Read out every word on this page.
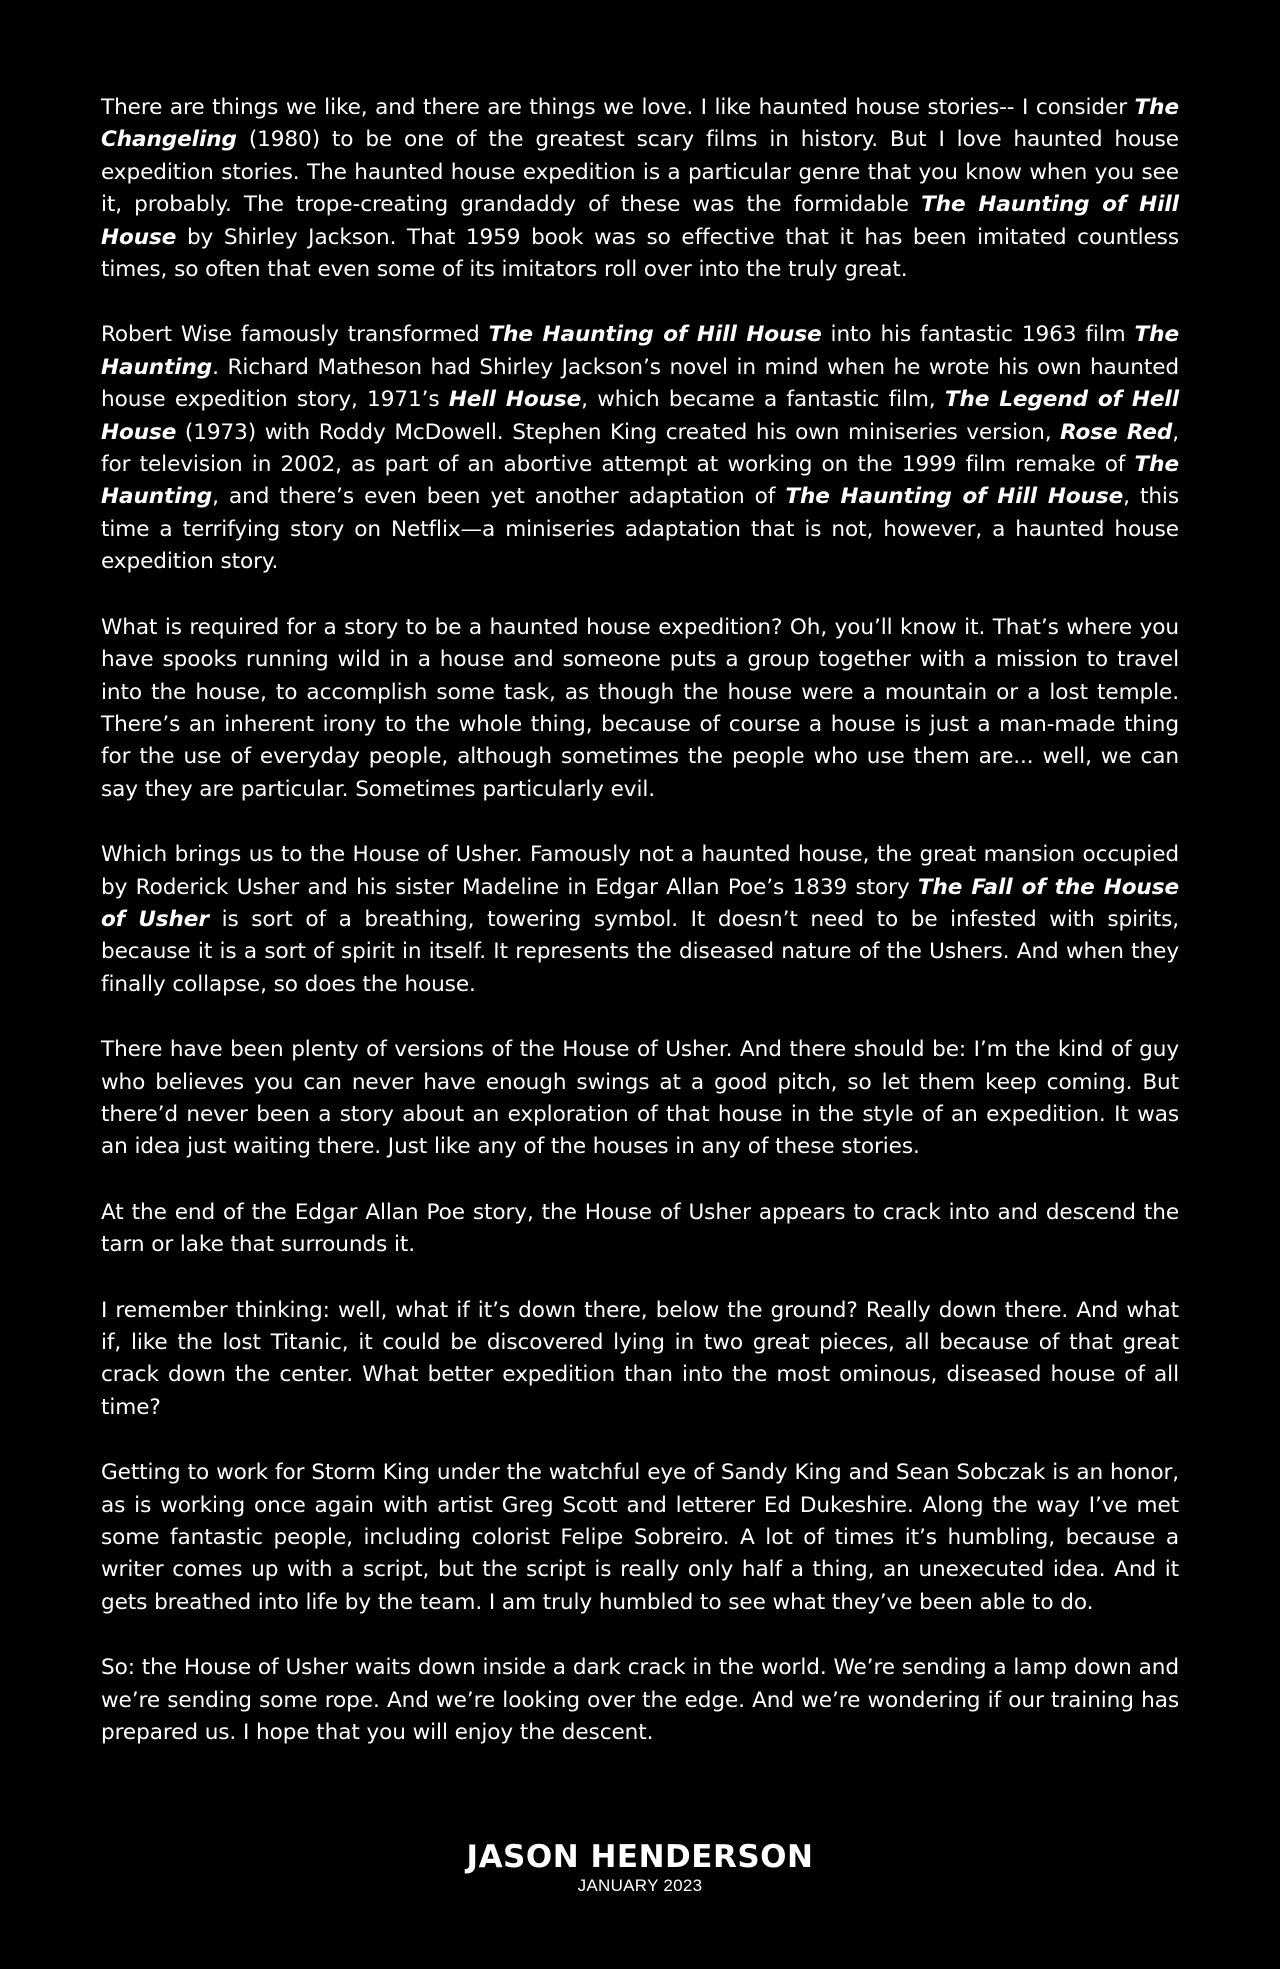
There are things we like, and there are things we love. I like haunted house stories-- I consider The Changeling (1980) to be one of the greatest scary films in history. But I love haunted house expedition stories. The haunted house expedition is a particular genre that you know when you see it, probably. The trope-creating grandaddy of these was the formidable The Haunting of Hill House by Shirley Jackson. That 1959 book was so effective that it has been imitated countless times, so often that even some of its imitators roll over into the truly great.

Robert Wise famously transformed The Haunting of Hill House into his fantastic 1963 film The Haunting. Richard Matheson had Shirley Jackson’s novel in mind when he wrote his own haunted house expedition story, 1971’s Hell House, which became a fantastic film, The Legend of Hell House (1973) with Roddy McDowell. Stephen King created his own miniseries version, Rose Red, for television in 2002, as part of an abortive attempt at working on the 1999 film remake of The Haunting, and there’s even been yet another adaptation of The Haunting of Hill House, this time a terrifying story on Netflix—a miniseries adaptation that is not, however, a haunted house expedition story.

What is required for a story to be a haunted house expedition? Oh, you’ll know it. That’s where you have spooks running wild in a house and someone puts a group together with a mission to travel into the house, to accomplish some task, as though the house were a mountain or a lost temple. There’s an inherent irony to the whole thing, because of course a house is just a man-made thing for the use of everyday people, although sometimes the people who use them are... well, we can say they are particular. Sometimes particularly evil.

Which brings us to the House of Usher. Famously not a haunted house, the great mansion occupied by Roderick Usher and his sister Madeline in Edgar Allan Poe’s 1839 story The Fall of the House of Usher is sort of a breathing, towering symbol. It doesn’t need to be infested with spirits, because it is a sort of spirit in itself. It represents the diseased nature of the Ushers. And when they finally collapse, so does the house.

There have been plenty of versions of the House of Usher. And there should be: I’m the kind of guy who believes you can never have enough swings at a good pitch, so let them keep coming. But there’d never been a story about an exploration of that house in the style of an expedition. It was an idea just waiting there. Just like any of the houses in any of these stories.

At the end of the Edgar Allan Poe story, the House of Usher appears to crack into and descend the tarn or lake that surrounds it.

I remember thinking: well, what if it’s down there, below the ground? Really down there. And what if, like the lost Titanic, it could be discovered lying in two great pieces, all because of that great crack down the center. What better expedition than into the most ominous, diseased house of all time?

Getting to work for Storm King under the watchful eye of Sandy King and Sean Sobczak is an honor, as is working once again with artist Greg Scott and letterer Ed Dukeshire. Along the way I’ve met some fantastic people, including colorist Felipe Sobreiro. A lot of times it’s humbling, because a writer comes up with a script, but the script is really only half a thing, an unexecuted idea. And it gets breathed into life by the team. I am truly humbled to see what they’ve been able to do.

So: the House of Usher waits down inside a dark crack in the world. We’re sending a lamp down and we’re sending some rope. And we’re looking over the edge. And we’re wondering if our training has prepared us. I hope that you will enjoy the descent.

JASON HENDERSON
JANUARY 2023
